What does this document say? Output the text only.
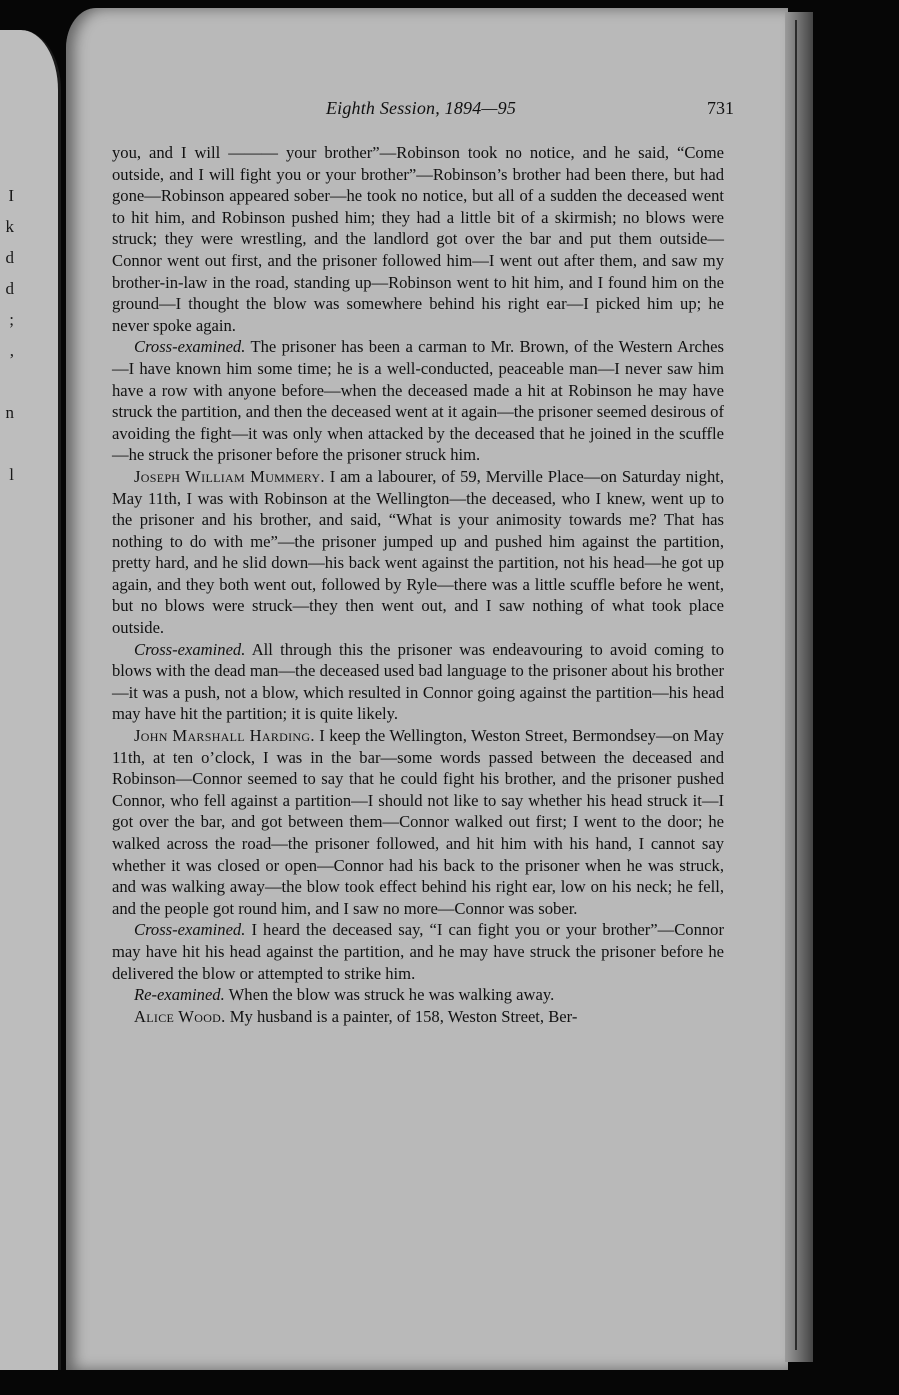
I
k
d
d
;
,

n

l
Eighth Session, 1894—95	731

you, and I will ——— your brother”—Robinson took no notice, and he said, “Come outside, and I will fight you or your brother”—Robinson’s brother had been there, but had gone—Robinson appeared sober—he took no notice, but all of a sudden the deceased went to hit him, and Robinson pushed him; they had a little bit of a skirmish; no blows were struck; they were wrestling, and the landlord got over the bar and put them outside—Connor went out first, and the prisoner followed him—I went out after them, and saw my brother-in-law in the road, standing up—Robinson went to hit him, and I found him on the ground—I thought the blow was somewhere behind his right ear—I picked him up; he never spoke again.

Cross-examined. The prisoner has been a carman to Mr. Brown, of the Western Arches—I have known him some time; he is a well-conducted, peaceable man—I never saw him have a row with anyone before—when the deceased made a hit at Robinson he may have struck the partition, and then the deceased went at it again—the prisoner seemed desirous of avoiding the fight—it was only when attacked by the deceased that he joined in the scuffle—he struck the prisoner before the prisoner struck him.

Joseph William Mummery. I am a labourer, of 59, Merville Place—on Saturday night, May 11th, I was with Robinson at the Wellington—the deceased, who I knew, went up to the prisoner and his brother, and said, “What is your animosity towards me? That has nothing to do with me”—the prisoner jumped up and pushed him against the partition, pretty hard, and he slid down—his back went against the partition, not his head—he got up again, and they both went out, followed by Ryle—there was a little scuffle before he went, but no blows were struck—they then went out, and I saw nothing of what took place outside.

Cross-examined. All through this the prisoner was endeavouring to avoid coming to blows with the dead man—the deceased used bad language to the prisoner about his brother—it was a push, not a blow, which resulted in Connor going against the partition—his head may have hit the partition; it is quite likely.

John Marshall Harding. I keep the Wellington, Weston Street, Bermondsey—on May 11th, at ten o’clock, I was in the bar—some words passed between the deceased and Robinson—Connor seemed to say that he could fight his brother, and the prisoner pushed Connor, who fell against a partition—I should not like to say whether his head struck it—I got over the bar, and got between them—Connor walked out first; I went to the door; he walked across the road—the prisoner followed, and hit him with his hand, I cannot say whether it was closed or open—Connor had his back to the prisoner when he was struck, and was walking away—the blow took effect behind his right ear, low on his neck; he fell, and the people got round him, and I saw no more—Connor was sober.

Cross-examined. I heard the deceased say, “I can fight you or your brother”—Connor may have hit his head against the partition, and he may have struck the prisoner before he delivered the blow or attempted to strike him.

Re-examined. When the blow was struck he was walking away.

Alice Wood. My husband is a painter, of 158, Weston Street, Ber-
